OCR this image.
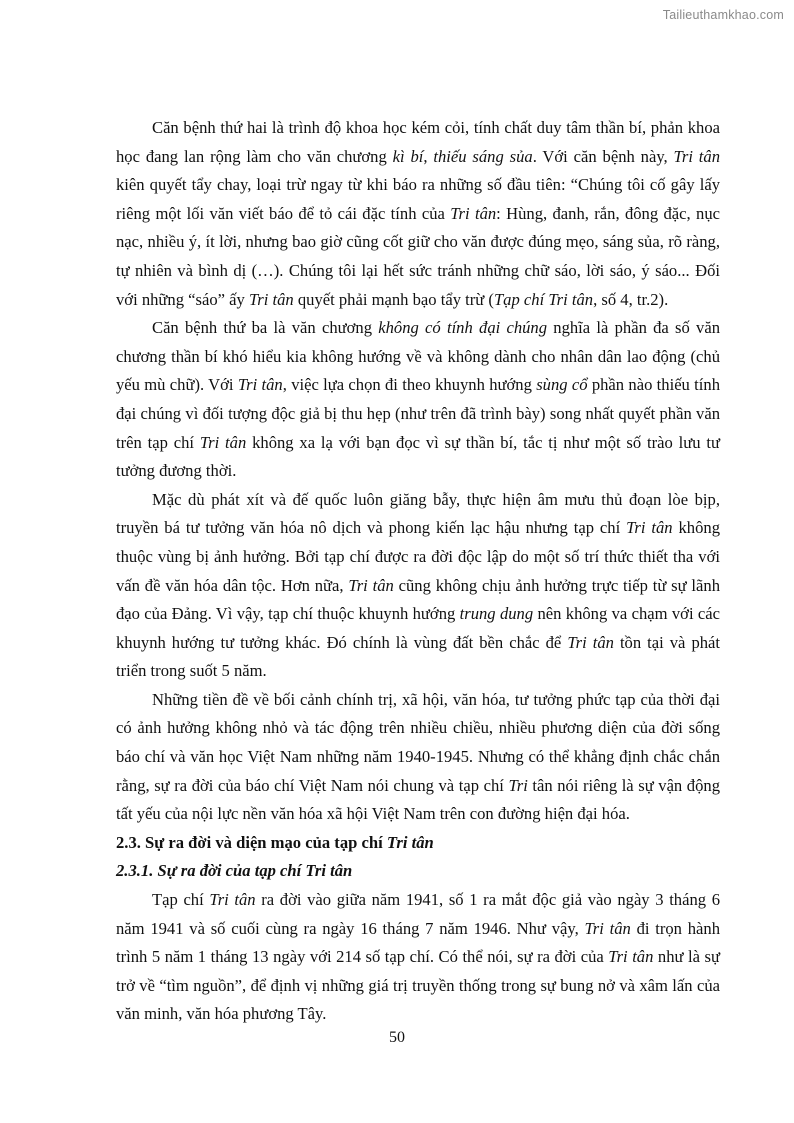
Tailieuthamkhao.com

Căn bệnh thứ hai là trình độ khoa học kém cỏi, tính chất duy tâm thần bí, phản khoa học đang lan rộng làm cho văn chương kì bí, thiếu sáng sủa. Với căn bệnh này, Tri tân kiên quyết tẩy chay, loại trừ ngay từ khi báo ra những số đầu tiên: “Chúng tôi cố gây lấy riêng một lối văn viết báo để tỏ cái đặc tính của Tri tân: Hùng, đanh, rắn, đông đặc, nục nạc, nhiều ý, ít lời, nhưng bao giờ cũng cốt giữ cho văn được đúng mẹo, sáng sủa, rõ ràng, tự nhiên và bình dị (…). Chúng tôi lại hết sức tránh những chữ sáo, lời sáo, ý sáo... Đối với những “sáo” ấy Tri tân quyết phải mạnh bạo tẩy trừ (Tạp chí Tri tân, số 4, tr.2).

Căn bệnh thứ ba là văn chương không có tính đại chúng nghĩa là phần đa số văn chương thần bí khó hiểu kia không hướng về và không dành cho nhân dân lao động (chủ yếu mù chữ). Với Tri tân, việc lựa chọn đi theo khuynh hướng sùng cổ phần nào thiếu tính đại chúng vì đối tượng độc giả bị thu hẹp (như trên đã trình bày) song nhất quyết phần văn trên tạp chí Tri tân không xa lạ với bạn đọc vì sự thần bí, tắc tị như một số trào lưu tư tưởng đương thời.

Mặc dù phát xít và đế quốc luôn giăng bẫy, thực hiện âm mưu thủ đoạn lòe bịp, truyền bá tư tưởng văn hóa nô dịch và phong kiến lạc hậu nhưng tạp chí Tri tân không thuộc vùng bị ảnh hưởng. Bởi tạp chí được ra đời độc lập do một số trí thức thiết tha với vấn đề văn hóa dân tộc. Hơn nữa, Tri tân cũng không chịu ảnh hưởng trực tiếp từ sự lãnh đạo của Đảng. Vì vậy, tạp chí thuộc khuynh hướng trung dung nên không va chạm với các khuynh hướng tư tưởng khác. Đó chính là vùng đất bền chắc để Tri tân tồn tại và phát triển trong suốt 5 năm.

Những tiền đề về bối cảnh chính trị, xã hội, văn hóa, tư tưởng phức tạp của thời đại có ảnh hưởng không nhỏ và tác động trên nhiều chiều, nhiều phương diện của đời sống báo chí và văn học Việt Nam những năm 1940-1945. Nhưng có thể khẳng định chắc chắn rằng, sự ra đời của báo chí Việt Nam nói chung và tạp chí Tri tân nói riêng là sự vận động tất yếu của nội lực nền văn hóa xã hội Việt Nam trên con đường hiện đại hóa.

2.3. Sự ra đời và diện mạo của tạp chí Tri tân
2.3.1. Sự ra đời của tạp chí Tri tân

Tạp chí Tri tân ra đời vào giữa năm 1941, số 1 ra mắt độc giả vào ngày 3 tháng 6 năm 1941 và số cuối cùng ra ngày 16 tháng 7 năm 1946. Như vậy, Tri tân đi trọn hành trình 5 năm 1 tháng 13 ngày với 214 số tạp chí. Có thể nói, sự ra đời của Tri tân như là sự trở về “tìm nguồn”, để định vị những giá trị truyền thống trong sự bung nở và xâm lấn của văn minh, văn hóa phương Tây.

50
